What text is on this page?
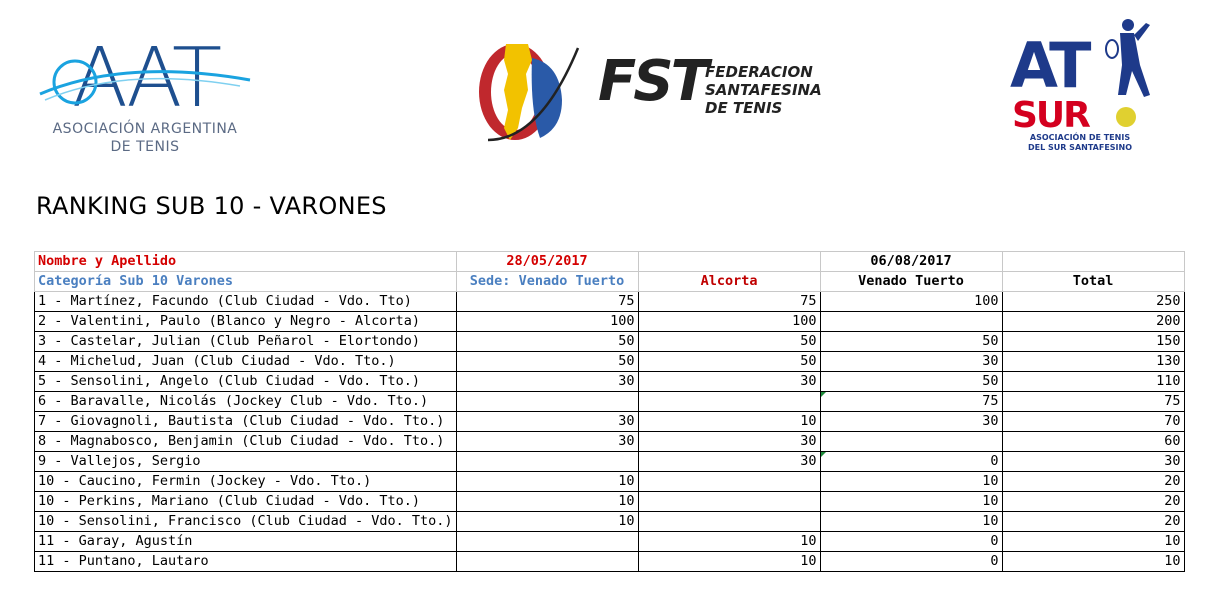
AAT
ASOCIACIÓN ARGENTINA
DE TENIS
FST FEDERACION
SANTAFESINA
DE TENIS
AT
SUR
ASOCIACIÓN DE TENIS
DEL SUR SANTAFESINO
RANKING SUB 10 - VARONES
Nombre y Apellido	28/05/2017		06/08/2017	
Categoría Sub 10 Varones	Sede: Venado Tuerto	Alcorta	Venado Tuerto	Total
1 - Martínez, Facundo (Club Ciudad - Vdo. Tto)	75	75	100	250
2 - Valentini, Paulo (Blanco y Negro - Alcorta)	100	100		200
3 - Castelar, Julian (Club Peñarol - Elortondo)	50	50	50	150
4 - Michelud, Juan (Club Ciudad - Vdo. Tto.)	50	50	30	130
5 - Sensolini, Angelo (Club Ciudad - Vdo. Tto.)	30	30	50	110
6 - Baravalle, Nicolás (Jockey Club - Vdo. Tto.)			75	75
7 - Giovagnoli, Bautista (Club Ciudad - Vdo. Tto.)	30	10	30	70
8 - Magnabosco, Benjamin (Club Ciudad - Vdo. Tto.)	30	30		60
9 - Vallejos, Sergio		30	0	30
10 - Caucino, Fermin (Jockey - Vdo. Tto.)	10		10	20
10 - Perkins, Mariano (Club Ciudad - Vdo. Tto.)	10		10	20
10 - Sensolini, Francisco (Club Ciudad - Vdo. Tto.)	10		10	20
11 - Garay, Agustín		10	0	10
11 - Puntano, Lautaro		10	0	10
